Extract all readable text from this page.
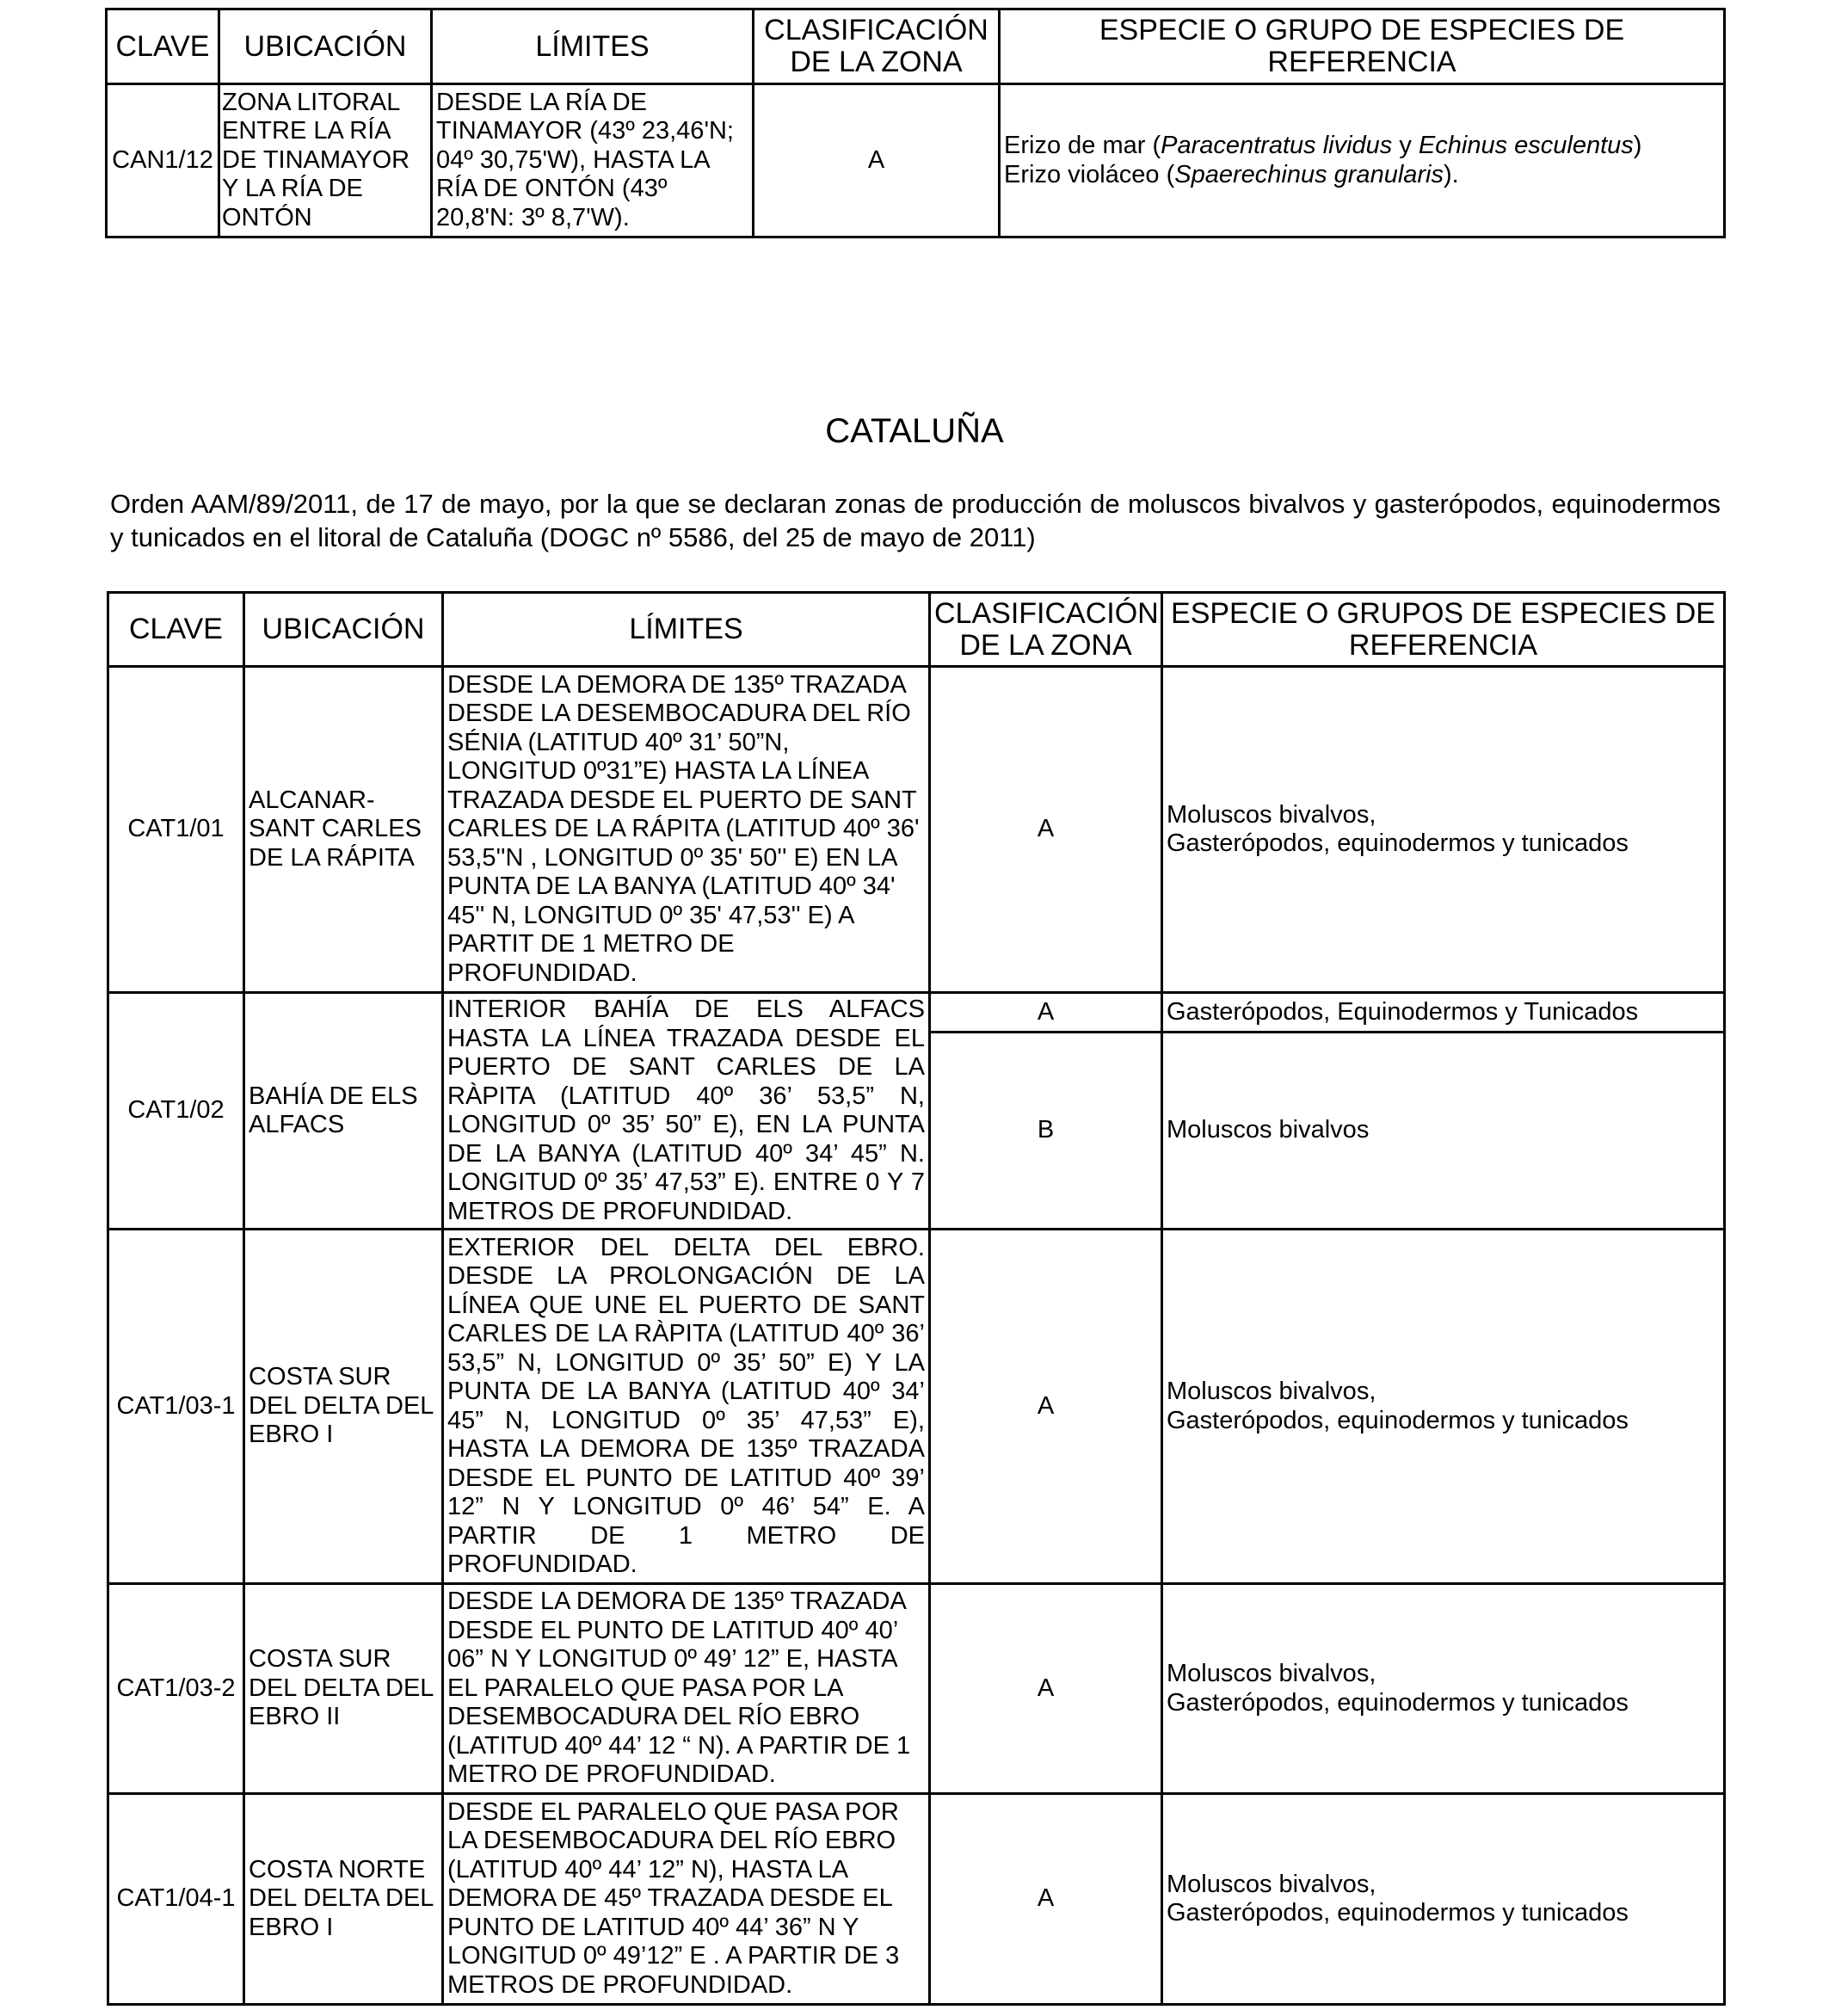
CLAVE	UBICACIÓN	LÍMITES	CLASIFICACIÓN DE LA ZONA	ESPECIE O GRUPO DE ESPECIES DE REFERENCIA
CAN1/12	ZONA LITORAL ENTRE LA RÍA DE TINAMAYOR Y LA RÍA DE ONTÓN	DESDE LA RÍA DE TINAMAYOR (43º 23,46'N; 04º 30,75'W), HASTA LA RÍA DE ONTÓN (43º 20,8'N: 3º 8,7'W).	A	Erizo de mar (Paracentratus lividus y Echinus esculentus)
Erizo violáceo (Spaerechinus granularis).
CATALUÑA
Orden AAM/89/2011, de 17 de mayo, por la que se declaran zonas de producción de moluscos bivalvos y gasterópodos, equinodermos y tunicados en el litoral de Cataluña (DOGC nº 5586, del 25 de mayo de 2011)
CLAVE	UBICACIÓN	LÍMITES	CLASIFICACIÓN DE LA ZONA	ESPECIE O GRUPOS DE ESPECIES DE REFERENCIA
CAT1/01	ALCANAR-SANT CARLES DE LA RÁPITA	DESDE LA DEMORA DE 135º TRAZADA DESDE LA DESEMBOCADURA DEL RÍO SÉNIA (LATITUD 40º 31’ 50”N, LONGITUD 0º31”E) HASTA LA LÍNEA TRAZADA DESDE EL PUERTO DE SANT CARLES DE LA RÁPITA (LATITUD 40º 36' 53,5''N , LONGITUD 0º 35' 50'' E) EN LA PUNTA DE LA BANYA (LATITUD 40º 34' 45'' N, LONGITUD 0º 35' 47,53'' E) A PARTIT DE 1 METRO DE PROFUNDIDAD.	A	Moluscos bivalvos,
Gasterópodos, equinodermos y tunicados

CAT1/02	BAHÍA DE ELS ALFACS	INTERIOR BAHÍA DE ELS ALFACS HASTA LA LÍNEA TRAZADA DESDE EL PUERTO DE SANT CARLES DE LA RÀPITA (LATITUD 40º 36’ 53,5” N, LONGITUD 0º 35’ 50” E), EN LA PUNTA DE LA BANYA (LATITUD 40º 34’ 45” N. LONGITUD 0º 35’ 47,53” E). ENTRE 0 Y 7 METROS DE PROFUNDIDAD.	A	Gasterópodos, Equinodermos y Tunicados
			B	Moluscos bivalvos
CAT1/03-1	COSTA SUR DEL DELTA DEL EBRO I	EXTERIOR DEL DELTA DEL EBRO. DESDE LA PROLONGACIÓN DE LA LÍNEA QUE UNE EL PUERTO DE SANT CARLES DE LA RÀPITA (LATITUD 40º 36’ 53,5” N, LONGITUD 0º 35’ 50” E) Y LA PUNTA DE LA BANYA (LATITUD 40º 34’ 45” N, LONGITUD 0º 35’ 47,53” E), HASTA LA DEMORA DE 135º TRAZADA DESDE EL PUNTO DE LATITUD 40º 39’ 12” N Y LONGITUD 0º 46’ 54” E. A PARTIR DE 1 METRO DE PROFUNDIDAD.	A	Moluscos bivalvos,
Gasterópodos, equinodermos y tunicados

CAT1/03-2	COSTA SUR DEL DELTA DEL EBRO II	DESDE LA DEMORA DE 135º TRAZADA DESDE EL PUNTO DE LATITUD 40º 40’ 06” N Y LONGITUD 0º 49’ 12” E, HASTA EL PARALELO QUE PASA POR LA DESEMBOCADURA DEL RÍO EBRO (LATITUD 40º 44’ 12 “ N). A PARTIR DE 1 METRO DE PROFUNDIDAD.	A	Moluscos bivalvos,
Gasterópodos, equinodermos y tunicados

CAT1/04-1	COSTA NORTE DEL DELTA DEL EBRO I	DESDE EL PARALELO QUE PASA POR LA DESEMBOCADURA DEL RÍO EBRO (LATITUD 40º 44’ 12” N), HASTA LA DEMORA DE 45º TRAZADA DESDE EL PUNTO DE LATITUD 40º 44’ 36” N Y LONGITUD 0º 49’12” E . A PARTIR DE 3 METROS DE PROFUNDIDAD.	A	Moluscos bivalvos,
Gasterópodos, equinodermos y tunicados
